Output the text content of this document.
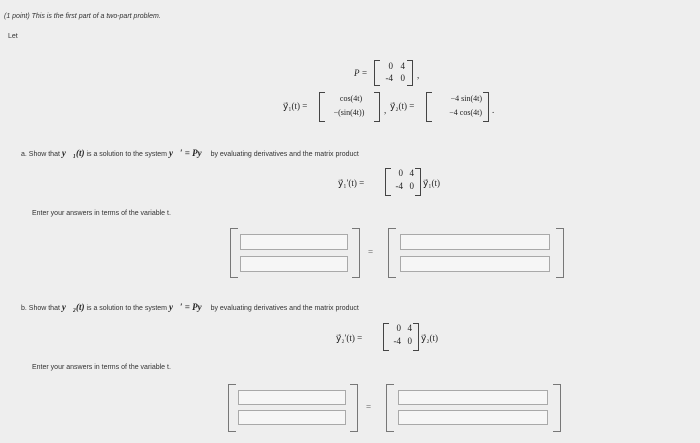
(1 point) This is the first part of a two-part problem.
Let
P =
0 4
-4 0 ,
y⃗₁(t) =
cos(4t)
−(sin(4t))	, y⃗₂(t) =
−4 sin(4t)
−4 cos(4t) .
a. Show that y⃗₁(t) is a solution to the system y⃗′ = Py⃗ by evaluating derivatives and the matrix product
y⃗₁′(t) =
0 4
-4 0 y⃗₁(t)
Enter your answers in terms of the variable t.
=
b. Show that y⃗₂(t) is a solution to the system y⃗′ = Py⃗ by evaluating derivatives and the matrix product
y⃗₂′(t) =
0 4
-4 0 y⃗₂(t)
Enter your answers in terms of the variable t.
=
